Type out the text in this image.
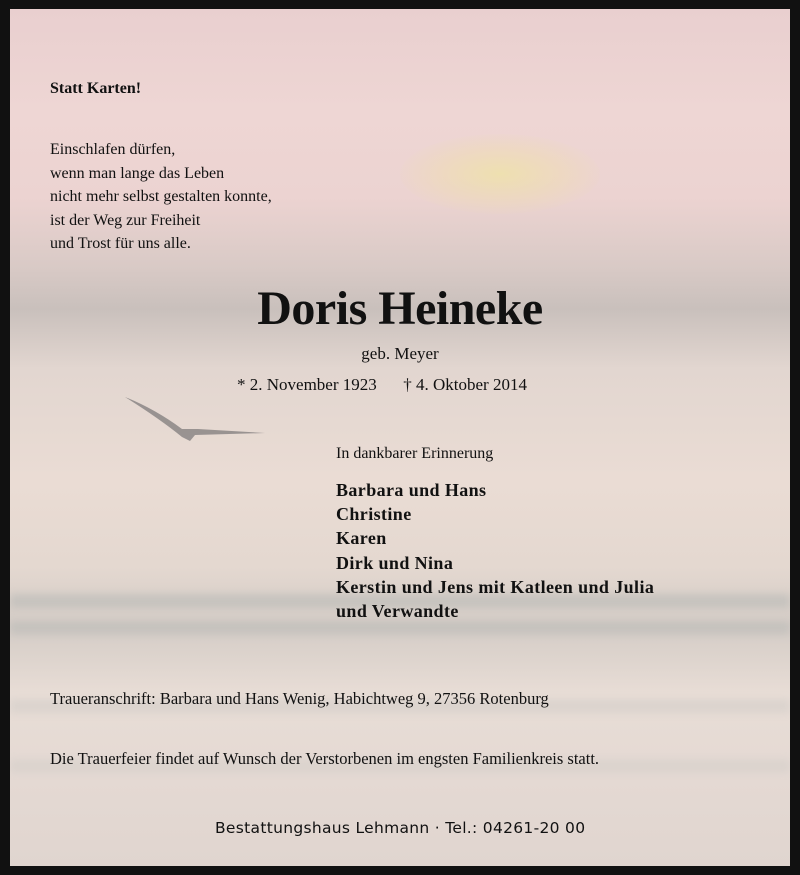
Statt Karten!

Einschlafen dürfen,
wenn man lange das Leben
nicht mehr selbst gestalten konnte,
ist der Weg zur Freiheit
und Trost für uns alle.

Doris Heineke

geb. Meyer

* 2. November 1923 † 4. Oktober 2014

In dankbarer Erinnerung

Barbara und Hans
Christine
Karen
Dirk und Nina
Kerstin und Jens mit Katleen und Julia
und Verwandte

Traueranschrift: Barbara und Hans Wenig, Habichtweg 9, 27356 Rotenburg

Die Trauerfeier findet auf Wunsch der Verstorbenen im engsten Familienkreis statt.

Bestattungshaus Lehmann · Tel.: 04261-20 00
